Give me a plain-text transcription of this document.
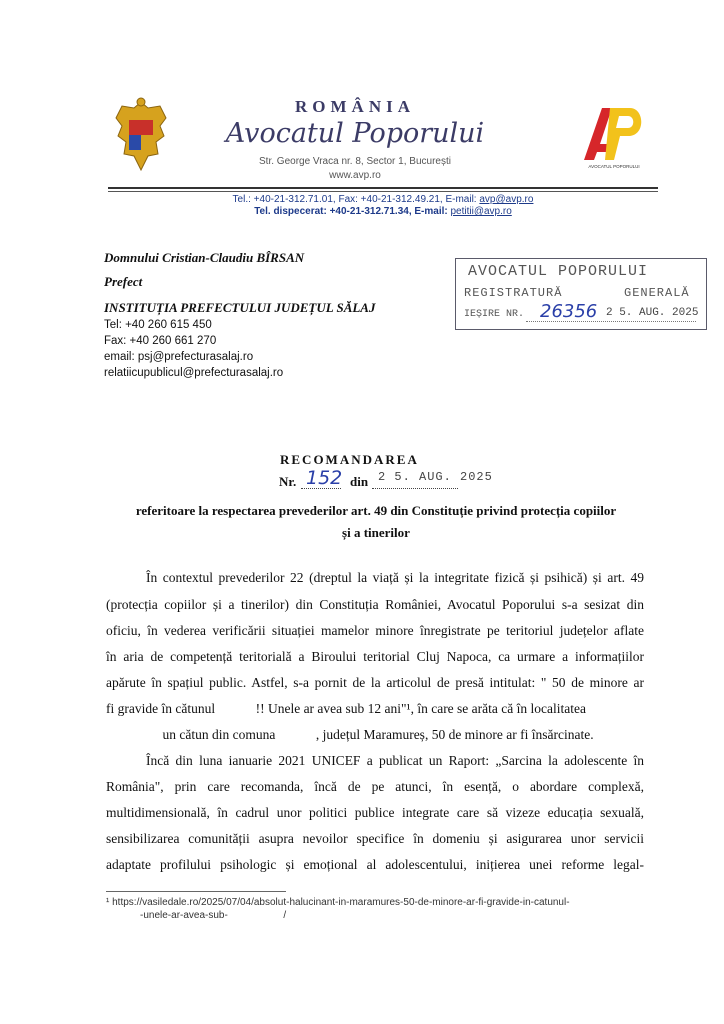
ROMÂNIA
Avocatul Poporului
Str. George Vraca nr. 8, Sector 1, București
www.avp.ro
AVOCATUL POPORULUI
Tel.: +40-21-312.71.01, Fax: +40-21-312.49.21, E-mail: avp@avp.ro
Tel. dispecerat: +40-21-312.71.34, E-mail: petitii@avp.ro
Domnului Cristian-Claudiu BÎRSAN
Prefect
INSTITUȚIA PREFECTULUI JUDEȚUL SĂLAJ
Tel: +40 260 615 450
Fax: +40 260 661 270
email: psj@prefecturasalaj.ro
relatiicupublicul@prefecturasalaj.ro
AVOCATUL POPORULUI
REGISTRATURĂ	GENERALĂ
IEȘIRE NR. 26356 2 5. AUG. 2025
RECOMANDAREA
Nr. 152 din 2 5. AUG. 2025
referitoare la respectarea prevederilor art. 49 din Constituție privind protecția copiilor
și a tinerilor
În contextul prevederilor 22 (dreptul la viață și la integritate fizică și psihică) și art. 49
(protecția copiilor și a tinerilor) din Constituția României, Avocatul Poporului s-a sesizat din
oficiu, în vederea verificării situației mamelor minore înregistrate pe teritoriul județelor aflate
în aria de competență teritorială a Biroului teritorial Cluj Napoca, ca urmare a informațiilor
apărute în spațiul public. Astfel, s-a pornit de la articolul de presă intitulat: " 50 de minore ar
fi gravide în cătunul            !! Unele ar avea sub 12 ani"¹, în care se arăta că în localitatea
un cătun din comuna            , județul Maramureș, 50 de minore ar fi însărcinate.
Încă din luna ianuarie 2021 UNICEF a publicat un Raport: „Sarcina la adolescente în
România", prin care recomanda, încă de pe atunci, în esență, o abordare complexă,
multidimensională, în cadrul unor politici publice integrate care să vizeze educația sexuală,
sensibilizarea comunității asupra nevoilor specifice în domeniu și asigurarea unor servicii
adaptate profilului psihologic și emoțional al adolescentului, inițierea unei reforme legal-
¹ https://vasiledale.ro/2025/07/04/absolut-halucinant-in-maramures-50-de-minore-ar-fi-gravide-in-catunul-
-unele-ar-avea-sub-                    /
